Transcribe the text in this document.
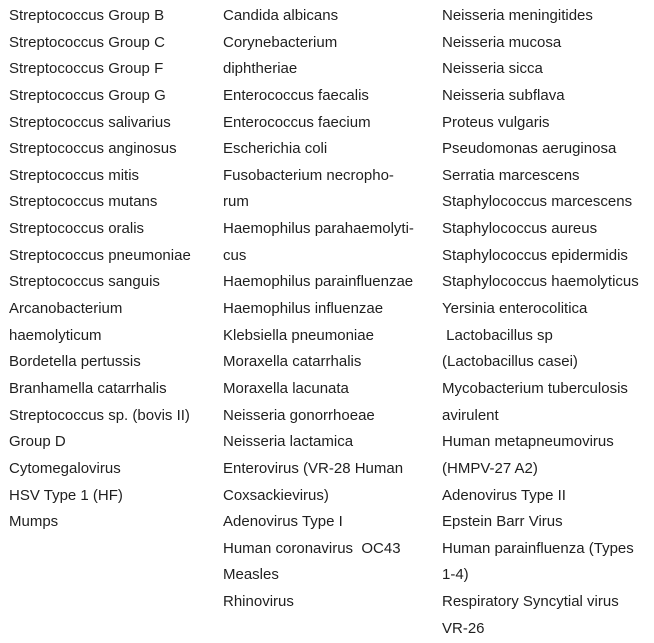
Streptococcus Group B
Streptococcus Group C
Streptococcus Group F
Streptococcus Group G
Streptococcus salivarius
Streptococcus anginosus
Streptococcus mitis
Streptococcus mutans
Streptococcus oralis
Streptococcus pneumoniae
Streptococcus sanguis
Arcanobacterium
haemolyticum
Bordetella pertussis
Branhamella catarrhalis
Streptococcus sp. (bovis II)
Group D
Cytomegalovirus
HSV Type 1 (HF)
Mumps
Candida albicans
Corynebacterium
diphtheriae
Enterococcus faecalis
Enterococcus faecium
Escherichia coli
Fusobacterium necropho-
rum
Haemophilus parahaemolyti-
cus
Haemophilus parainfluenzae
Haemophilus influenzae
Klebsiella pneumoniae
Moraxella catarrhalis
Moraxella lacunata
Neisseria gonorrhoeae
Neisseria lactamica
Enterovirus (VR-28 Human
Coxsackievirus)
Adenovirus Type I
Human coronavirus  OC43
Measles
Rhinovirus
Neisseria meningitides
Neisseria mucosa
Neisseria sicca
Neisseria subflava
Proteus vulgaris
Pseudomonas aeruginosa
Serratia marcescens
Staphylococcus marcescens
Staphylococcus aureus
Staphylococcus epidermidis
Staphylococcus haemolyticus
Yersinia enterocolitica
Lactobacillus sp
(Lactobacillus casei)
Mycobacterium tuberculosis
avirulent
Human metapneumovirus
(HMPV-27 A2)
Adenovirus Type II
Epstein Barr Virus
Human parainfluenza (Types
1-4)
Respiratory Syncytial virus
VR-26
